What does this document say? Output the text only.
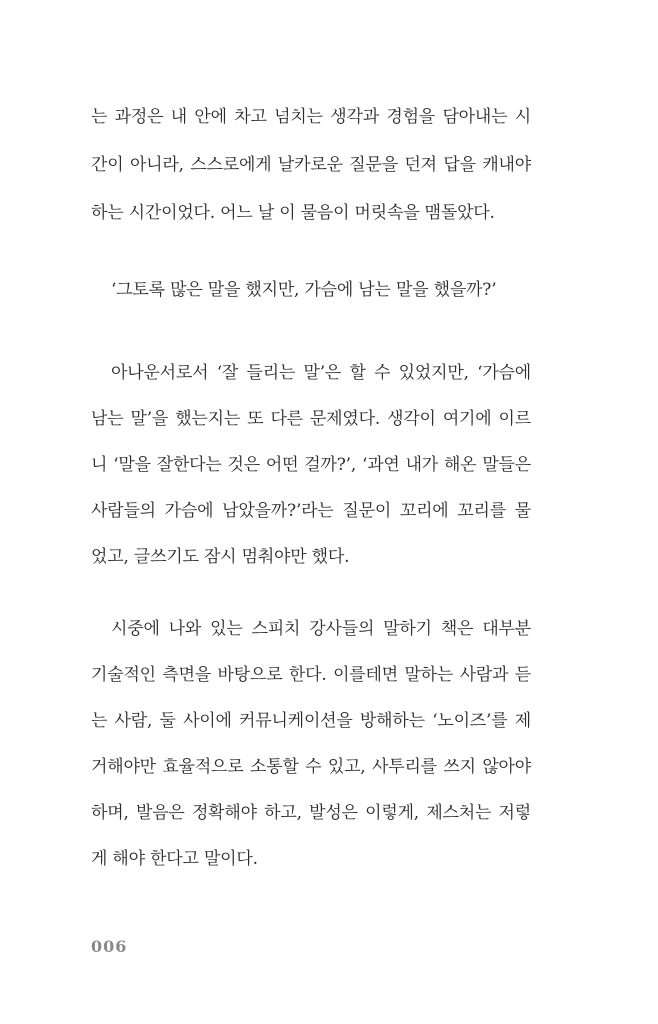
는 과정은 내 안에 차고 넘치는 생각과 경험을 담아내는 시
간이 아니라, 스스로에게 날카로운 질문을 던져 답을 캐내야
하는 시간이었다. 어느 날 이 물음이 머릿속을 맴돌았다.
‘그토록 많은 말을 했지만, 가슴에 남는 말을 했을까?’
아나운서로서 ‘잘 들리는 말’은 할 수 있었지만, ‘가슴에
남는 말’을 했는지는 또 다른 문제였다. 생각이 여기에 이르
니 ‘말을 잘한다는 것은 어떤 걸까?’, ‘과연 내가 해온 말들은
사람들의 가슴에 남았을까?’라는 질문이 꼬리에 꼬리를 물
었고, 글쓰기도 잠시 멈춰야만 했다.
시중에 나와 있는 스피치 강사들의 말하기 책은 대부분
기술적인 측면을 바탕으로 한다. 이를테면 말하는 사람과 듣
는 사람, 둘 사이에 커뮤니케이션을 방해하는 ‘노이즈’를 제
거해야만 효율적으로 소통할 수 있고, 사투리를 쓰지 않아야
하며, 발음은 정확해야 하고, 발성은 이렇게, 제스처는 저렇
게 해야 한다고 말이다.
006
